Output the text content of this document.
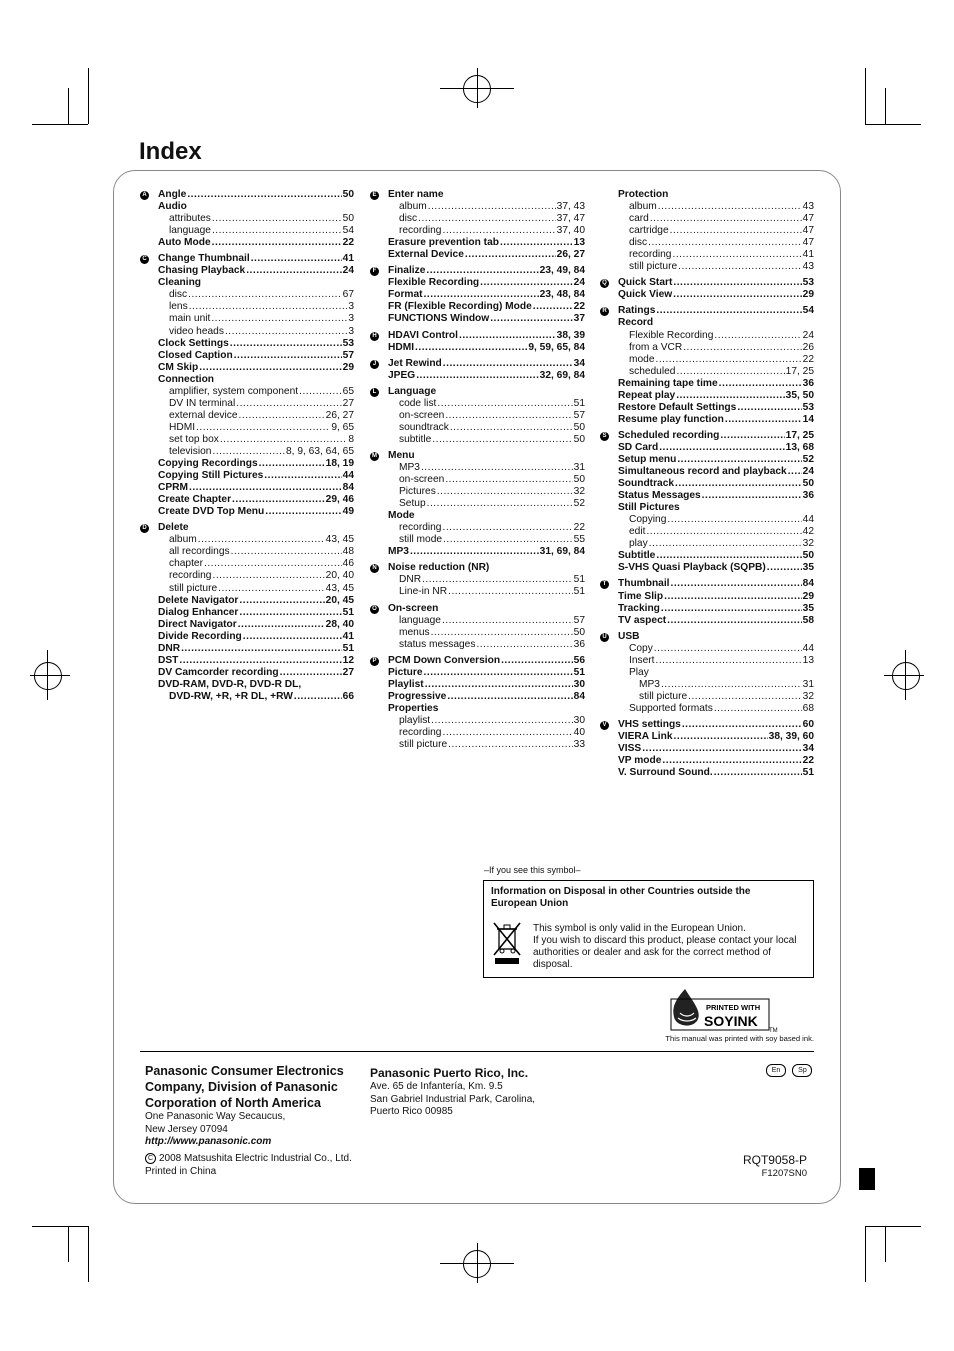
Index
A Angle .....	50
Audio
attributes .....	50
language .....	54
Auto Mode .....	22
C Change Thumbnail .....	41
Chasing Playback .....	24
Cleaning
disc .....	67
lens .....	3
main unit .....	3
video heads .....	3
Clock Settings .....	53
Closed Caption .....	57
CM Skip .....	29
Connection
amplifier, system component .....	65
DV IN terminal .....	27
external device .....	26, 27
HDMI .....	9, 65
set top box .....	8
television .....	8, 9, 63, 64, 65
Copying Recordings .....	18, 19
Copying Still Pictures .....	44
CPRM .....	84
Create Chapter .....	29, 46
Create DVD Top Menu .....	49
D Delete
album .....	43, 45
all recordings .....	48
chapter .....	46
recording .....	20, 40
still picture .....	43, 45
Delete Navigator .....	20, 45
Dialog Enhancer .....	51
Direct Navigator .....	28, 40
Divide Recording .....	41
DNR .....	51
DST .....	12
DV Camcorder recording .....	27
DVD-RAM, DVD-R, DVD-R DL,
DVD-RW, +R, +R DL, +RW .....	66
E Enter name
album .....	37, 43
disc .....	37, 47
recording .....	37, 40
Erasure prevention tab .....	13
External Device .....	26, 27
F Finalize .....	23, 49, 84
Flexible Recording .....	24
Format .....	23, 48, 84
FR (Flexible Recording) Mode .....	22
FUNCTIONS Window .....	37
H HDAVI Control .....	38, 39
HDMI .....	9, 59, 65, 84
J Jet Rewind .....	34
JPEG .....	32, 69, 84
L Language
code list .....	51
on-screen .....	57
soundtrack .....	50
subtitle .....	50
M Menu
MP3 .....	31
on-screen .....	50
Pictures .....	32
Setup .....	52
Mode
recording .....	22
still mode .....	55
MP3 .....	31, 69, 84
N Noise reduction (NR)
DNR .....	51
Line-in NR .....	51
O On-screen
language .....	57
menus .....	50
status messages .....	36
P PCM Down Conversion .....	56
Picture .....	51
Playlist .....	30
Progressive .....	84
Properties
playlist .....	30
recording .....	40
still picture .....	33
Protection
album .....	43
card .....	47
cartridge .....	47
disc .....	47
recording .....	41
still picture .....	43
Q Quick Start .....	53
Quick View .....	29
R Ratings .....	54
Record
Flexible Recording .....	24
from a VCR .....	26
mode .....	22
scheduled .....	17, 25
Remaining tape time .....	36
Repeat play .....	35, 50
Restore Default Settings .....	53
Resume play function .....	14
S Scheduled recording .....	17, 25
SD Card .....	13, 68
Setup menu .....	52
Simultaneous record and playback ..... 24
Soundtrack .....	50
Status Messages .....	36
Still Pictures
Copying .....	44
edit .....	42
play .....	32
Subtitle .....	50
S-VHS Quasi Playback (SQPB) .....	35
T Thumbnail .....	84
Time Slip .....	29
Tracking .....	35
TV aspect .....	58
U USB
Copy .....	44
Insert .....	13
Play
MP3 .....	31
still picture .....	32
Supported formats .....	68
V VHS settings .....	60
VIERA Link .....	38, 39, 60
VISS .....	34
VP mode .....	22
V. Surround Sound. .....	51
–If you see this symbol–
Information on Disposal in other Countries outside the European Union
This symbol is only valid in the European Union.
If you wish to discard this product, please contact your local authorities or dealer and ask for the correct method of disposal.
PRINTED WITH
SOYINK
TM
This manual was printed with soy based ink.
Panasonic Consumer Electronics Company, Division of Panasonic Corporation of North America
One Panasonic Way Secaucus,
New Jersey 07094
http://www.panasonic.com
C 2008 Matsushita Electric Industrial Co., Ltd.
Printed in China
Panasonic Puerto Rico, Inc.
Ave. 65 de Infantería, Km. 9.5
San Gabriel Industrial Park, Carolina,
Puerto Rico 00985
En	Sp
RQT9058-P
F1207SN0
